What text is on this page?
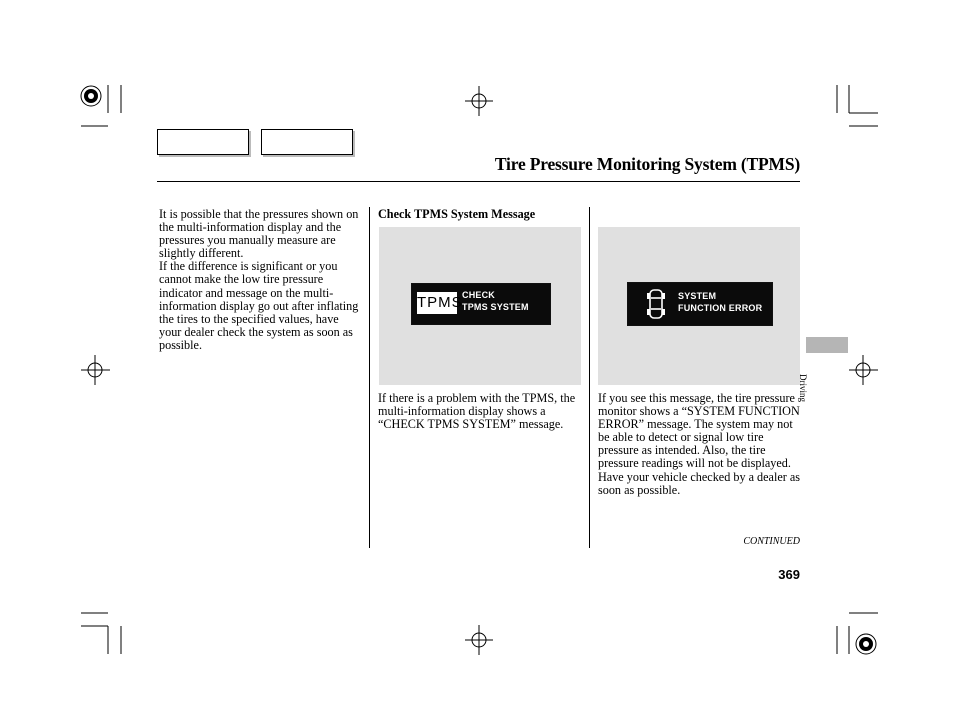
Tire Pressure Monitoring System (TPMS)

It is possible that the pressures shown on the multi-information display and the pressures you manually measure are slightly different.

If the difference is significant or you cannot make the low tire pressure indicator and message on the multi-information display go out after inflating the tires to the specified values, have your dealer check the system as soon as possible.

Check TPMS System Message
TPMS CHECK
TPMS SYSTEM
If there is a problem with the TPMS, the multi-information display shows a “CHECK TPMS SYSTEM” message.
SYSTEM
FUNCTION ERROR
If you see this message, the tire pressure monitor shows a “SYSTEM FUNCTION ERROR” message. The system may not be able to detect or signal low tire pressure as intended. Also, the tire pressure readings will not be displayed. Have your vehicle checked by a dealer as soon as possible.
Driving
CONTINUED
369
